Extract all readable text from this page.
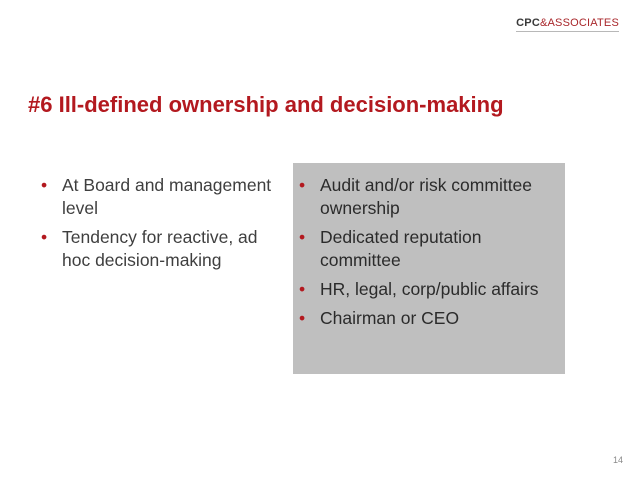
CPC&ASSOCIATES
#6 Ill-defined ownership and decision-making
• At Board and management level
• Tendency for reactive, ad hoc decision-making
• Audit and/or risk committee ownership
• Dedicated reputation committee
• HR, legal, corp/public affairs
• Chairman or CEO
14
